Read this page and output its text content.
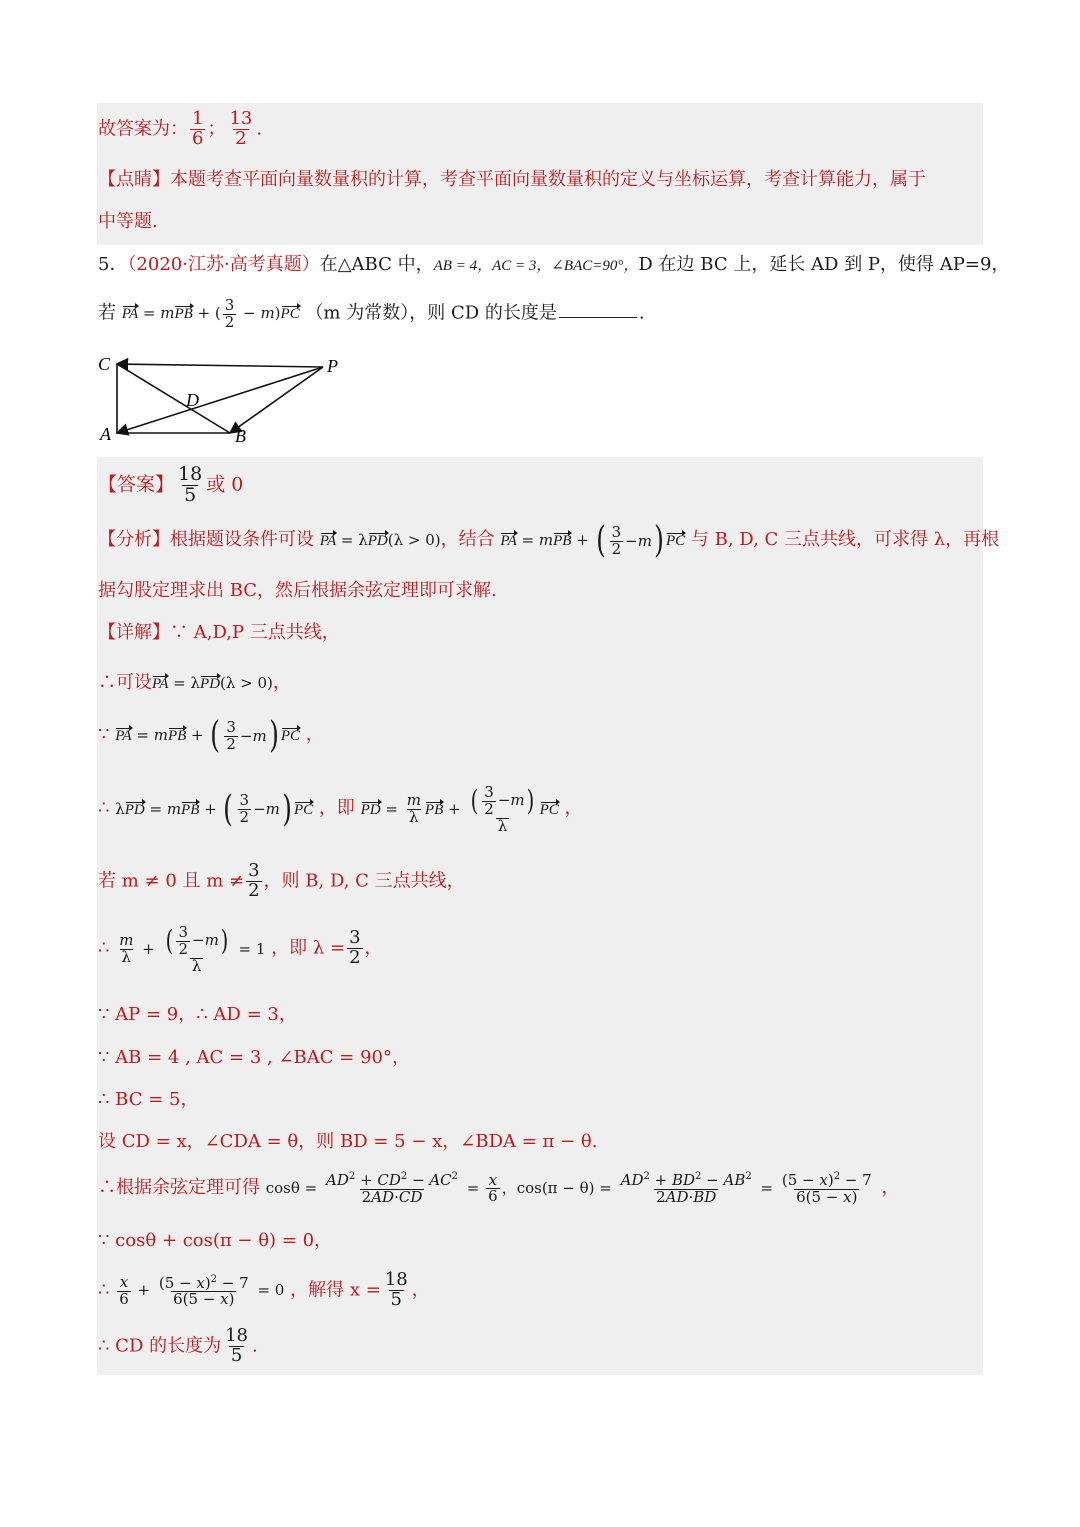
故答案为： $\frac{1}{6}$ ； $\frac{13}{2}$ .
【点睛】本题考查平面向量数量积的计算，考查平面向量数量积的定义与坐标运算，考查计算能力，属于
中等题.
5．（2020·江苏·高考真题）在△ABC 中，AB = 4，AC = 3，∠BAC=90°，D 在边 BC 上，延长 AD 到 P，使得 AP=9，
若 PA = mPB + ( $\frac{3}{2} - m)PC$ （m 为常数），则 CD 的长度是	.
C	P
D
A	B
【答案】 $\frac{18}{5}$ 或 0
【分析】根据题设条件可设 PA = λPD(λ > 0)，结合 PA = mPB + ( $\frac{3}{2} - m$ ) PC 与 B, D, C 三点共线，可求得 λ，再根
据勾股定理求出 BC，然后根据余弦定理即可求解.
【详解】∵ A,D,P 三点共线，
∴可设PA = λPD(λ > 0)，
∵ PA = mPB + ( $\frac{3}{2} - m$ ) PC ，
∴ λPD = mPB + ( $\frac{3}{2} - m$ ) PC ，即 PD = $\frac{m}{\lambda}$ PB + $\frac{( \frac{3}{2} - m )}{\lambda}$ PC ，
若 m ≠ 0 且 $m \ne \frac{3}{2}$ ，则 B, D, C 三点共线，
∴ $\frac{m}{\lambda} + \frac{( \frac{3}{2} - m )}{\lambda} = 1$ ，即 $\lambda = \frac{3}{2}$ ，
∵ AP = 9，∴ AD = 3，
∵ AB = 4 , AC = 3 , ∠BAC = 90°，
∴ BC = 5，
设 CD = x，∠CDA = θ，则 BD = 5 − x，∠BDA = π − θ.
∴根据余弦定理可得 $\cos\theta = \frac{AD^2 + CD^2 - AC^2}{2AD\cdot CD} = \frac{x}{6}$ ，$\cos(\pi - \theta) = \frac{AD^2 + BD^2 - AB^2}{2AD\cdot BD} = \frac{(5 - x)^2 - 7}{6(5 - x)}$ ，
∵ cosθ + cos(π − θ) = 0，
∴ $\frac{x}{6} + \frac{(5 - x)^2 - 7}{6(5 - x)} = 0$ ，解得 $x = \frac{18}{5}$ ，
∴ CD 的长度为 $\frac{18}{5}$ .
